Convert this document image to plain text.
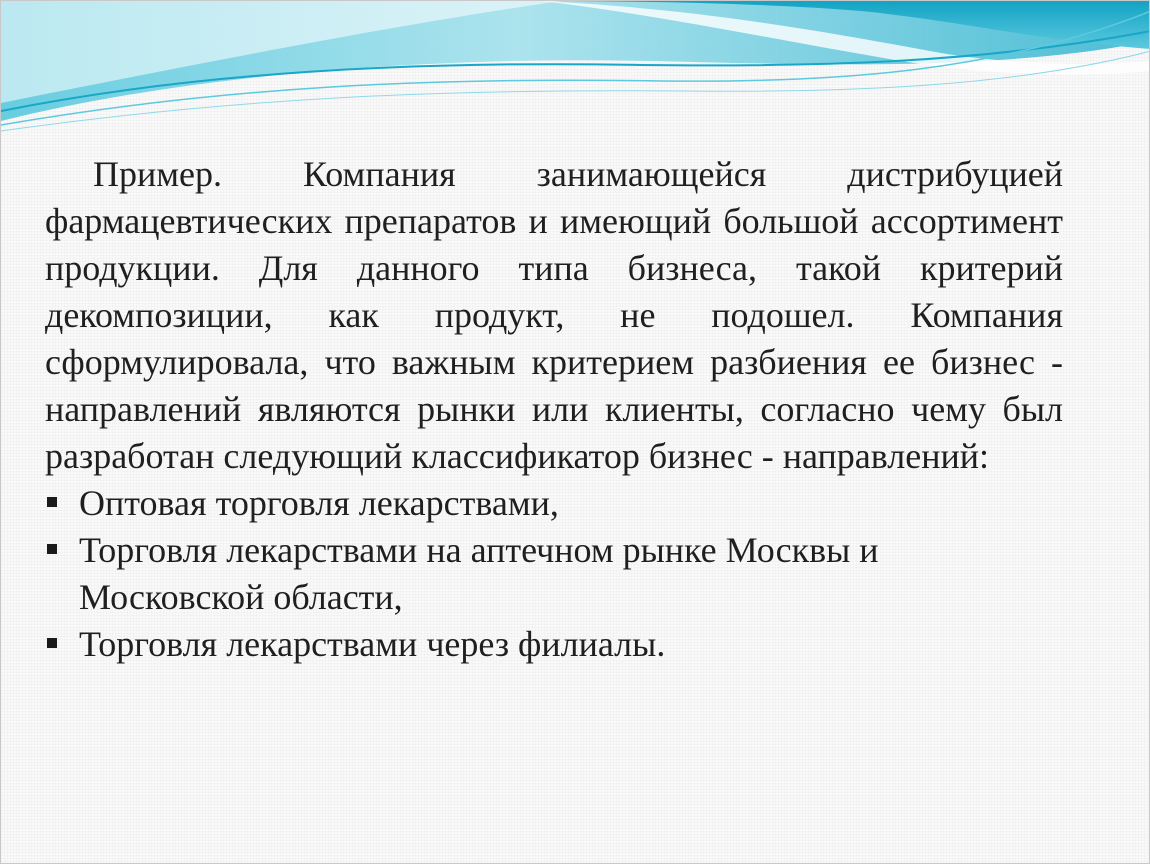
Пример. Компания занимающейся дистрибуцией фармацевтических препаратов и имеющий большой ассортимент продукции. Для данного типа бизнеса, такой критерий декомпозиции, как продукт, не подошел. Компания сформулировала, что важным критерием разбиения ее бизнес - направлений являются рынки или клиенты, согласно чему был разработан следующий классификатор бизнес - направлений:

Оптовая торговля лекарствами,
Торговля лекарствами на аптечном рынке Москвы и Московской области,
Торговля лекарствами через филиалы.
